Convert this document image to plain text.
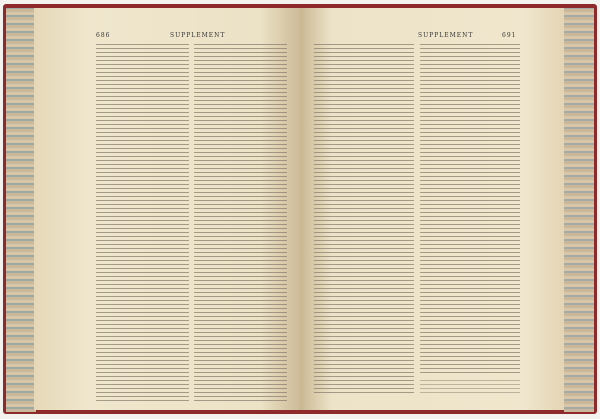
686	SUPPLEMENT	SUPPLEMENT	691
